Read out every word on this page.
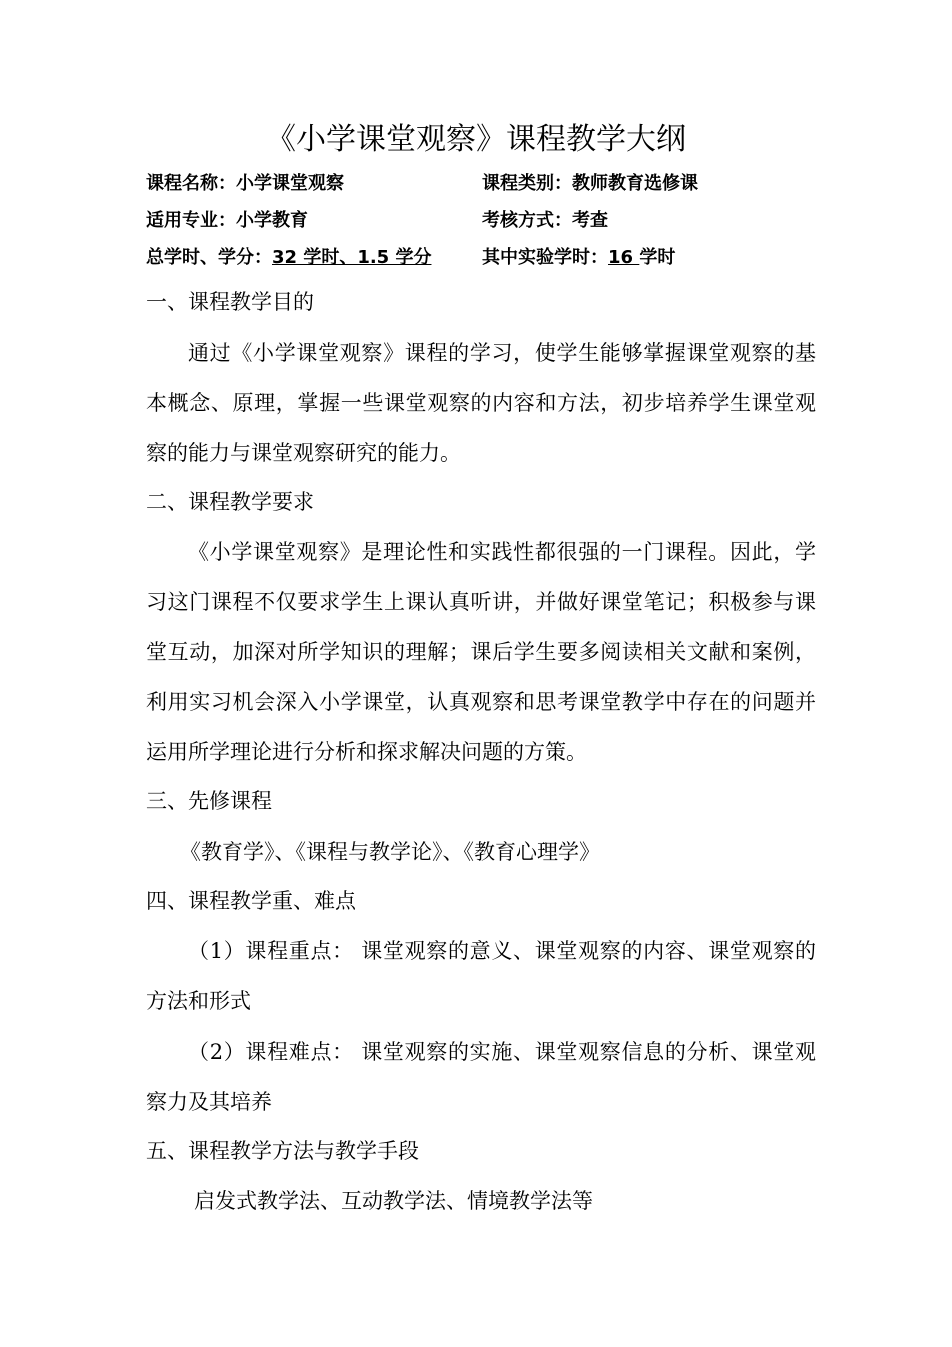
《小学课堂观察》课程教学大纲
课程名称：小学课堂观察	课程类别：教师教育选修课
适用专业：小学教育	考核方式：考查
总学时、学分：32 学时、1.5 学分	其中实验学时：16 学时
一、课程教学目的
通过《小学课堂观察》课程的学习，使学生能够掌握课堂观察的基本概念、原理，掌握一些课堂观察的内容和方法，初步培养学生课堂观察的能力与课堂观察研究的能力。
二、课程教学要求
《小学课堂观察》是理论性和实践性都很强的一门课程。因此，学习这门课程不仅要求学生上课认真听讲，并做好课堂笔记；积极参与课堂互动，加深对所学知识的理解；课后学生要多阅读相关文献和案例，利用实习机会深入小学课堂，认真观察和思考课堂教学中存在的问题并运用所学理论进行分析和探求解决问题的方策。
三、先修课程
《教育学》、《课程与教学论》、《教育心理学》
四、课程教学重、难点
（1）课程重点： 课堂观察的意义、课堂观察的内容、课堂观察的方法和形式
（2）课程难点： 课堂观察的实施、课堂观察信息的分析、课堂观察力及其培养
五、课程教学方法与教学手段
启发式教学法、互动教学法、情境教学法等
